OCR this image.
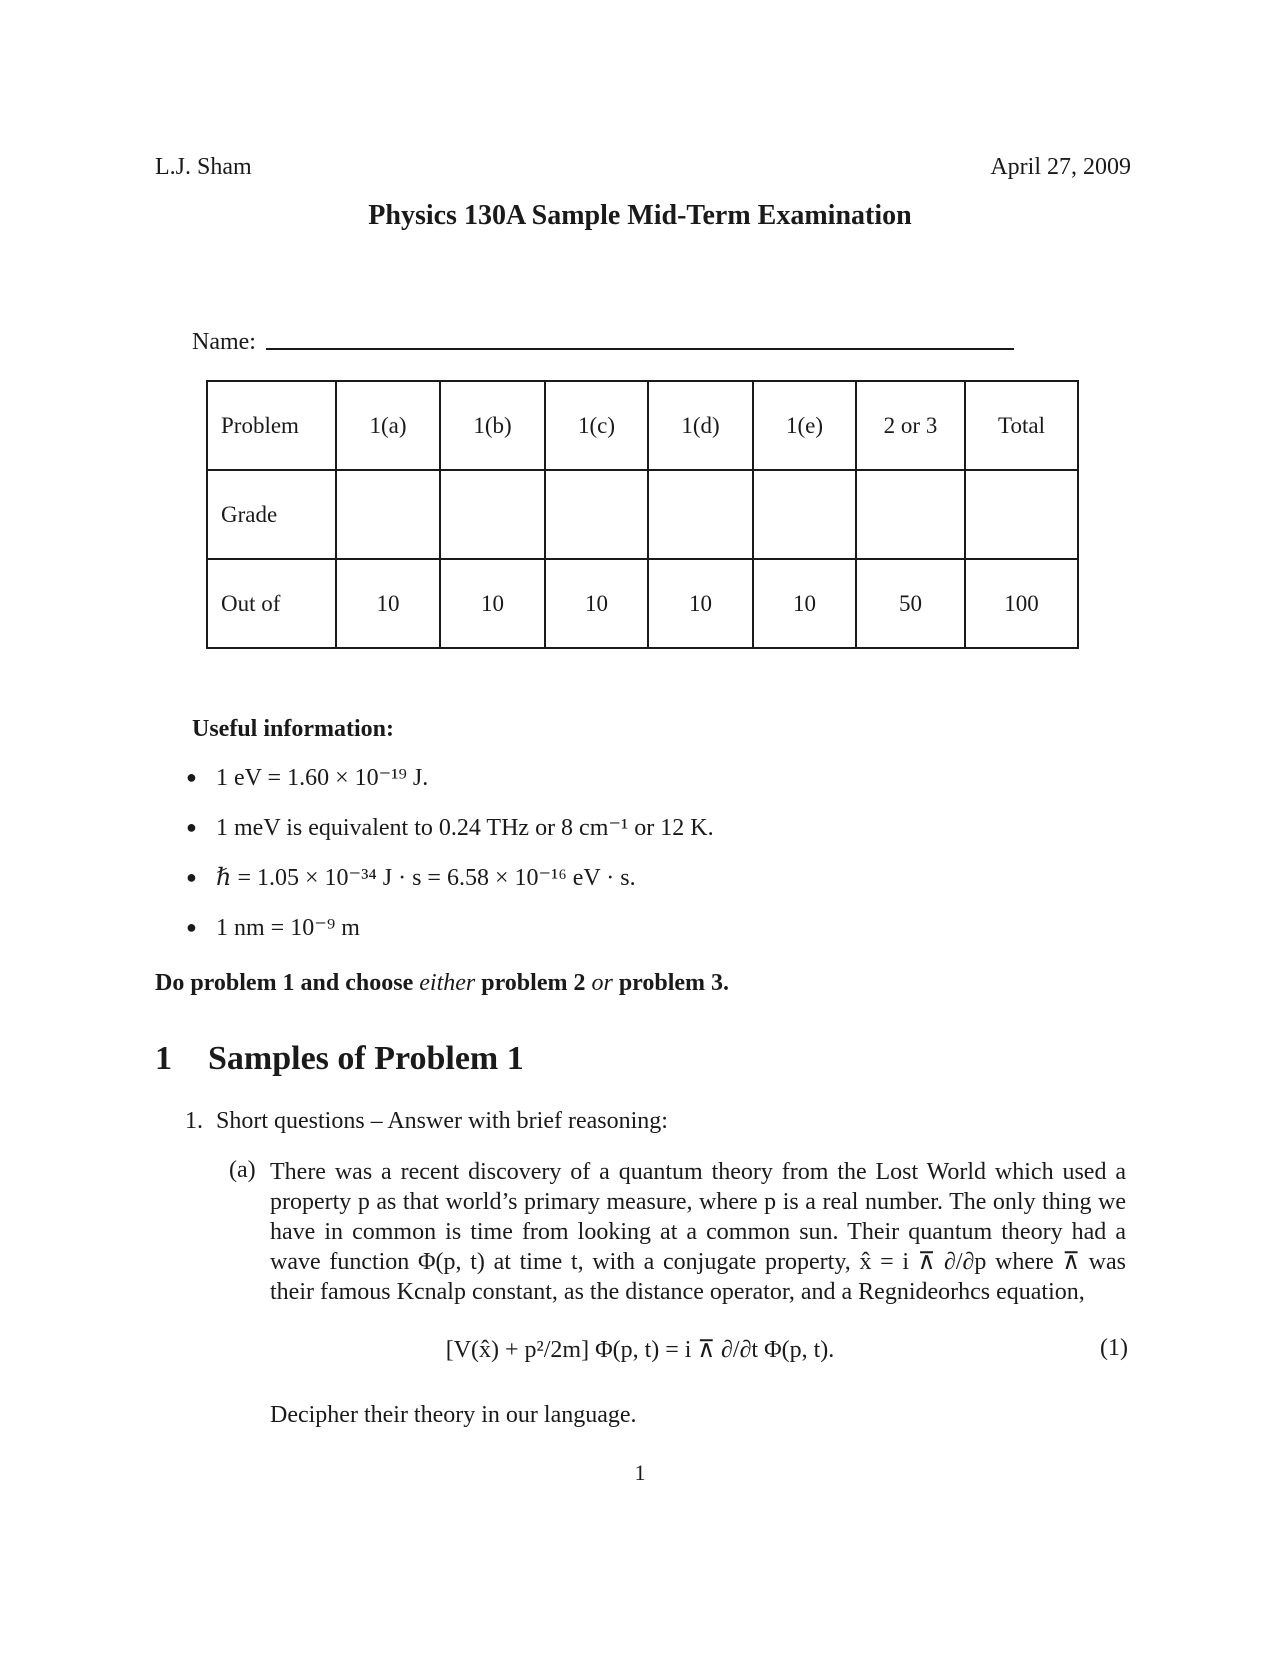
L.J. Sham	April 27, 2009
Physics 130A Sample Mid-Term Examination
Name:
Problem	1(a)	1(b)	1(c)	1(d)	1(e)	2 or 3	Total
Grade							
Out of	10	10	10	10	10	50	100
Useful information:
● 1 eV = 1.60 × 10⁻¹⁹ J.
● 1 meV is equivalent to 0.24 THz or 8 cm⁻¹ or 12 K.
● ℏ = 1.05 × 10⁻³⁴ J · s = 6.58 × 10⁻¹⁶ eV · s.
● 1 nm = 10⁻⁹ m
Do problem 1 and choose either problem 2 or problem 3.
1 Samples of Problem 1
1. Short questions – Answer with brief reasoning:
(a) There was a recent discovery of a quantum theory from the Lost World which used a property p as that world’s primary measure, where p is a real number. The only thing we have in common is time from looking at a common sun. Their quantum theory had a wave function Φ(p, t) at time t, with a conjugate property, x̂ = i ⊼ ∂/∂p where ⊼ was their famous Kcnalp constant, as the distance operator, and a Regnideorhcs equation,
[V(x̂) + p²/2m] Φ(p, t) = i ⊼ ∂/∂t Φ(p, t).	(1)
Decipher their theory in our language.
1
